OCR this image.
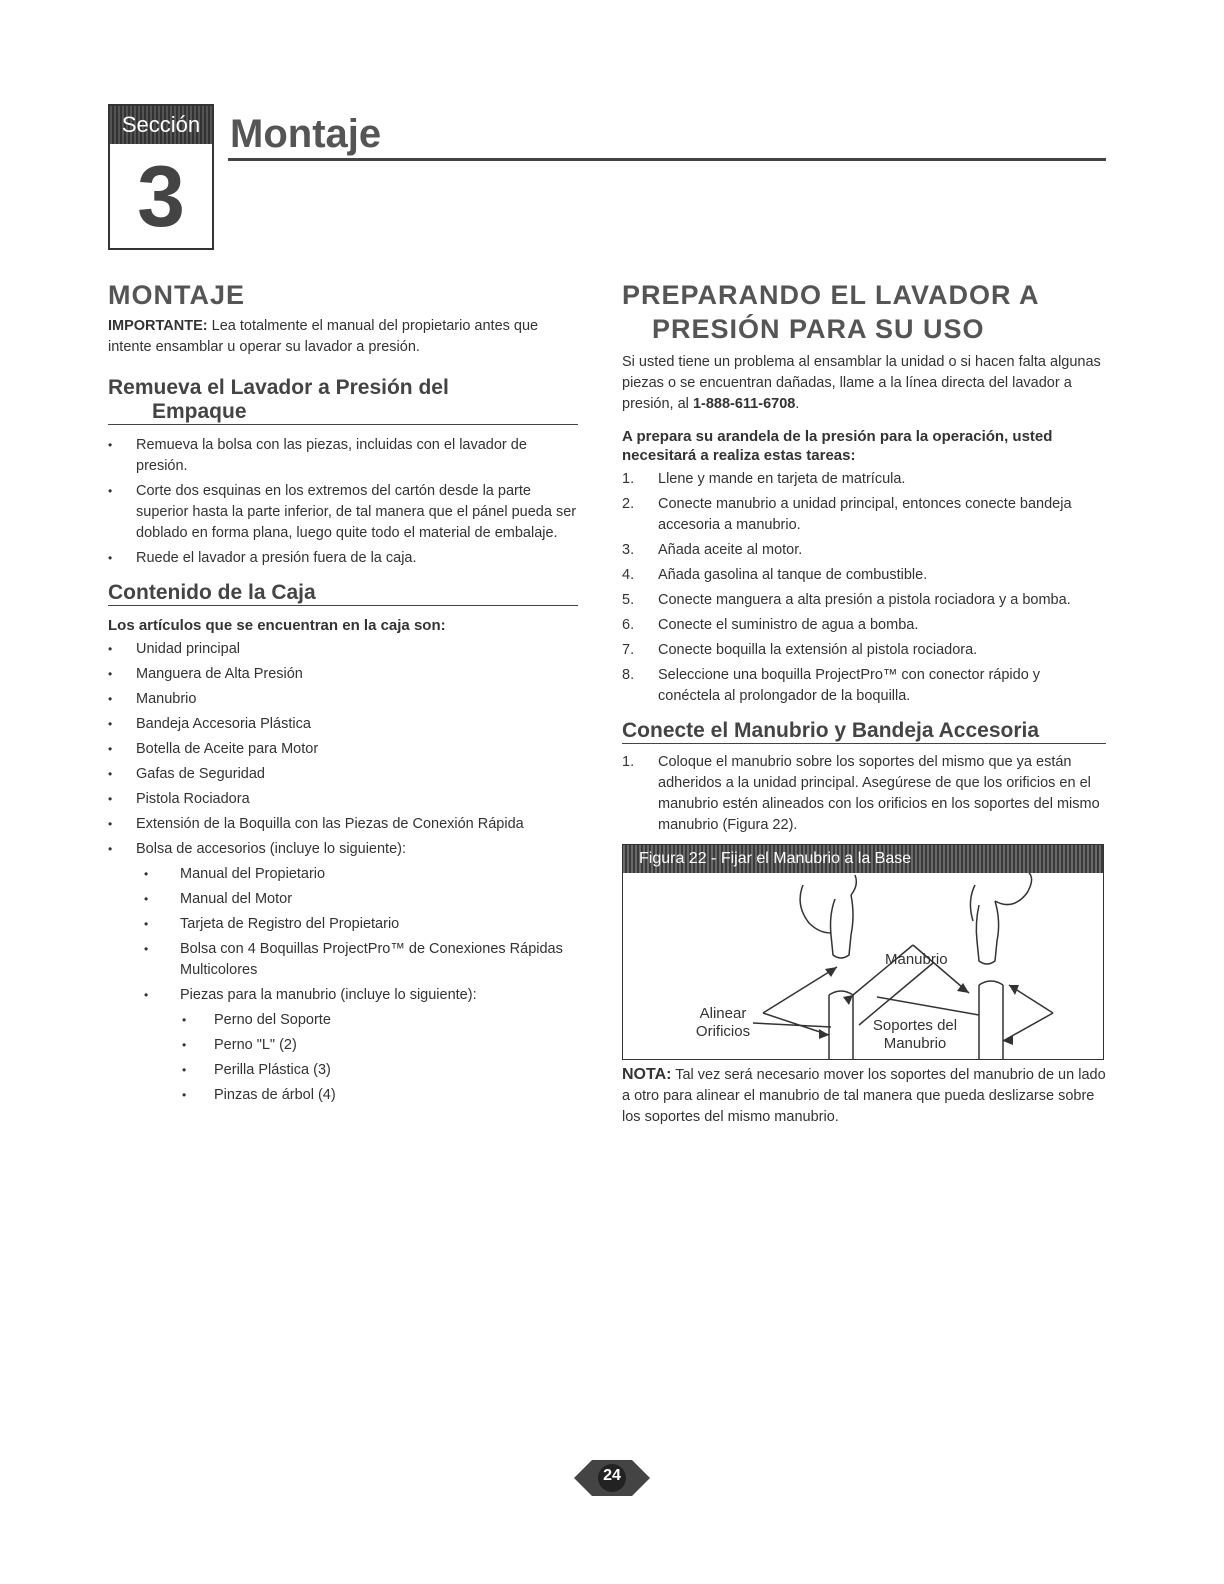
Sección
3
Montaje
MONTAJE

IMPORTANTE: Lea totalmente el manual del propietario antes que intente ensamblar u operar su lavador a presión.

Remueva el Lavador a Presión del
Empaque
• Remueva la bolsa con las piezas, incluidas con el lavador de presión.
• Corte dos esquinas en los extremos del cartón desde la parte superior hasta la parte inferior, de tal manera que el pánel pueda ser doblado en forma plana, luego quite todo el material de embalaje.
• Ruede el lavador a presión fuera de la caja.
Contenido de la Caja

Los artículos que se encuentran en la caja son:

• Unidad principal
• Manguera de Alta Presión
• Manubrio
• Bandeja Accesoria Plástica
• Botella de Aceite para Motor
• Gafas de Seguridad
• Pistola Rociadora
• Extensión de la Boquilla con las Piezas de Conexión Rápida
• Bolsa de accesorios (incluye lo siguiente):
• Manual del Propietario
• Manual del Motor
• Tarjeta de Registro del Propietario
• Bolsa con 4 Boquillas ProjectPro™ de Conexiones Rápidas Multicolores
• Piezas para la manubrio (incluye lo siguiente):
• Perno del Soporte
• Perno "L" (2)
• Perilla Plástica (3)
• Pinzas de árbol (4)
PREPARANDO EL LAVADOR A
PRESIÓN PARA SU USO

Si usted tiene un problema al ensamblar la unidad o si hacen falta algunas piezas o se encuentran dañadas, llame a la línea directa del lavador a presión, al 1-888-611-6708.

A prepara su arandela de la presión para la operación, usted necesitará a realiza estas tareas:

1. Llene y mande en tarjeta de matrícula.
2. Conecte manubrio a unidad principal, entonces conecte bandeja accesoria a manubrio.
3. Añada aceite al motor.
4. Añada gasolina al tanque de combustible.
5. Conecte manguera a alta presión a pistola rociadora y a bomba.
6. Conecte el suministro de agua a bomba.
7. Conecte boquilla la extensión al pistola rociadora.
8. Seleccione una boquilla ProjectPro™ con conector rápido y conéctela al prolongador de la boquilla.
Conecte el Manubrio y Bandeja Accesoria
1. Coloque el manubrio sobre los soportes del mismo que ya están adheridos a la unidad principal. Asegúrese de que los orificios en el manubrio estén alineados con los orificios en los soportes del mismo manubrio (Figura 22).
Figura 22 - Fijar el Manubrio a la Base
Manubrio
Alinear
Orificios	Soportes del
Manubrio

NOTA: Tal vez será necesario mover los soportes del manubrio de un lado a otro para alinear el manubrio de tal manera que pueda deslizarse sobre los soportes del mismo manubrio.

24
